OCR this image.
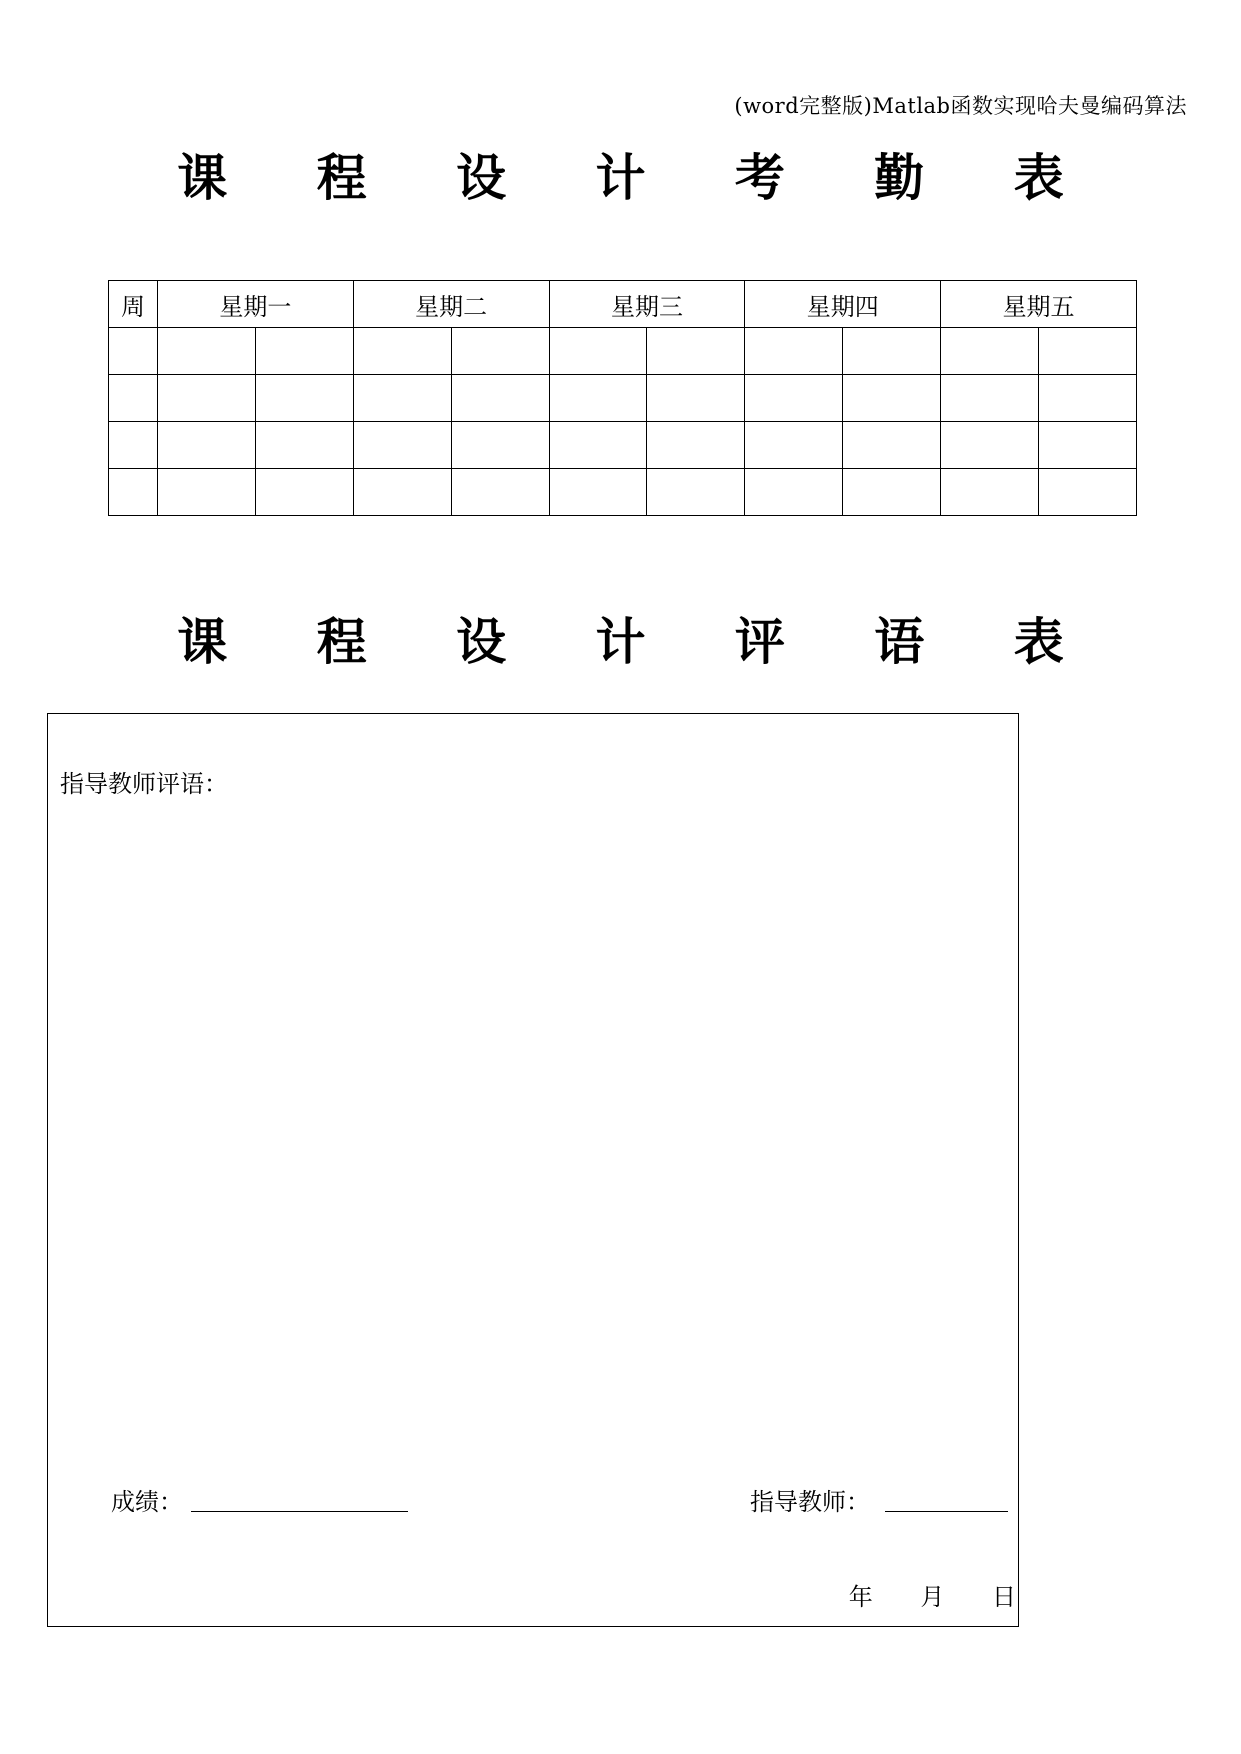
(word完整版)Matlab函数实现哈夫曼编码算法
课 程 设 计 考 勤 表
周	星期一		星期二		星期三		星期四		星期五	

课 程 设 计 评 语 表
指导教师评语：
成绩：	指导教师：
年 月 日
